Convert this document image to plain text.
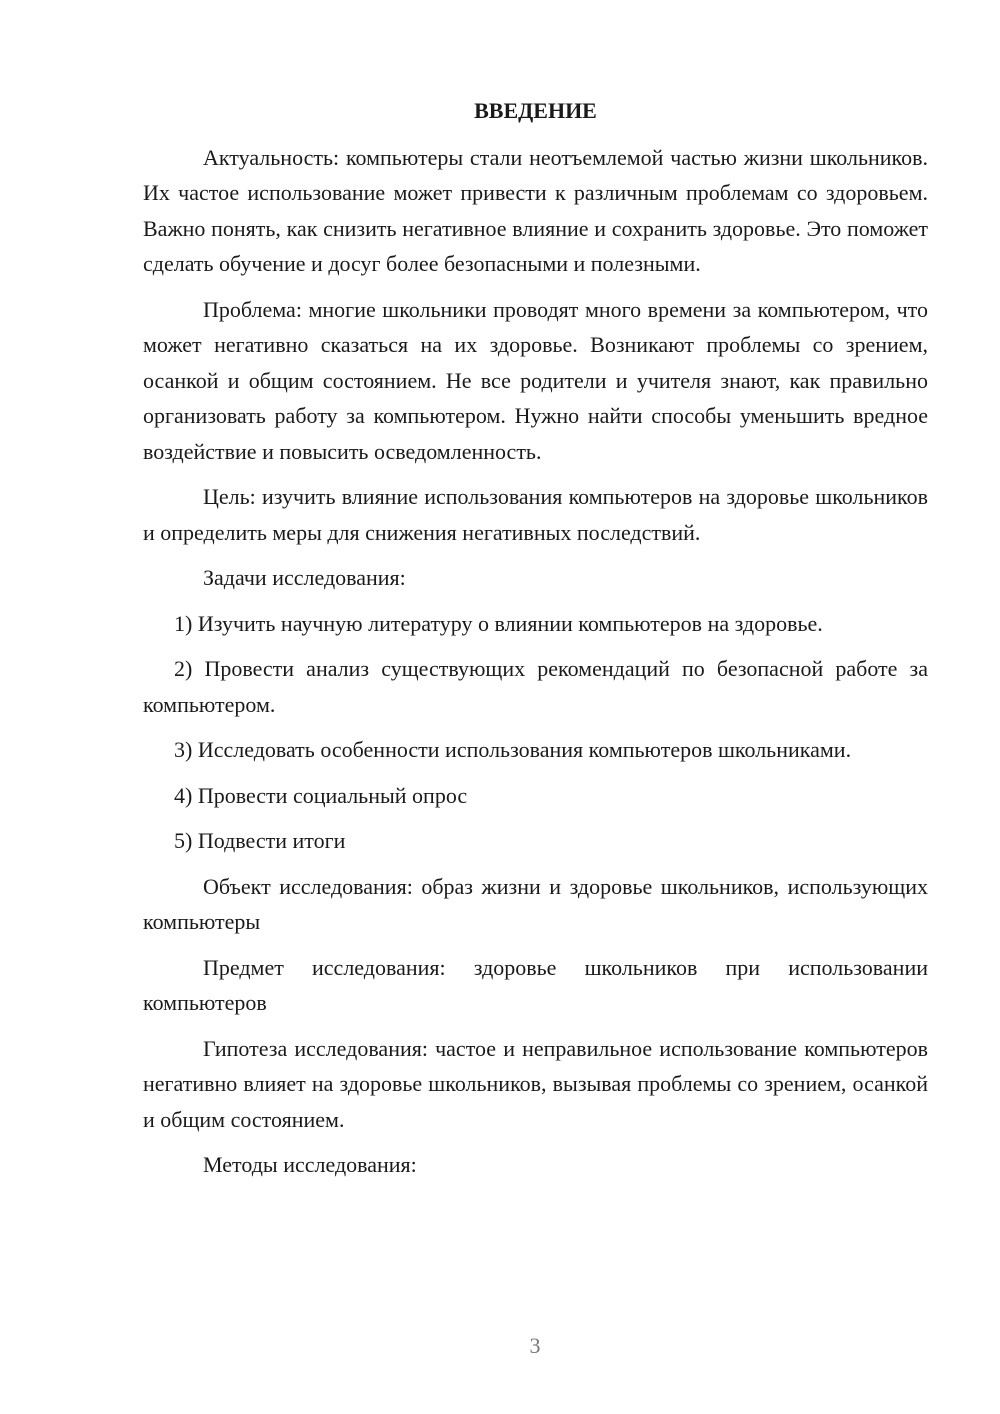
ВВЕДЕНИЕ

Актуальность: компьютеры стали неотъемлемой частью жизни школьников. Их частое использование может привести к различным проблемам со здоровьем. Важно понять, как снизить негативное влияние и сохранить здоровье. Это поможет сделать обучение и досуг более безопасными и полезными.

Проблема: многие школьники проводят много времени за компьютером, что может негативно сказаться на их здоровье. Возникают проблемы со зрением, осанкой и общим состоянием. Не все родители и учителя знают, как правильно организовать работу за компьютером. Нужно найти способы уменьшить вредное воздействие и повысить осведомленность.

Цель: изучить влияние использования компьютеров на здоровье школьников и определить меры для снижения негативных последствий.

Задачи исследования:

1) Изучить научную литературу о влиянии компьютеров на здоровье.

2) Провести анализ существующих рекомендаций по безопасной работе за компьютером.

3) Исследовать особенности использования компьютеров школьниками.

4) Провести социальный опрос

5) Подвести итоги

Объект исследования: образ жизни и здоровье школьников, использующих компьютеры

Предмет исследования: здоровье школьников при использовании компьютеров

Гипотеза исследования: частое и неправильное использование компьютеров негативно влияет на здоровье школьников, вызывая проблемы со зрением, осанкой и общим состоянием.

Методы исследования:

3
